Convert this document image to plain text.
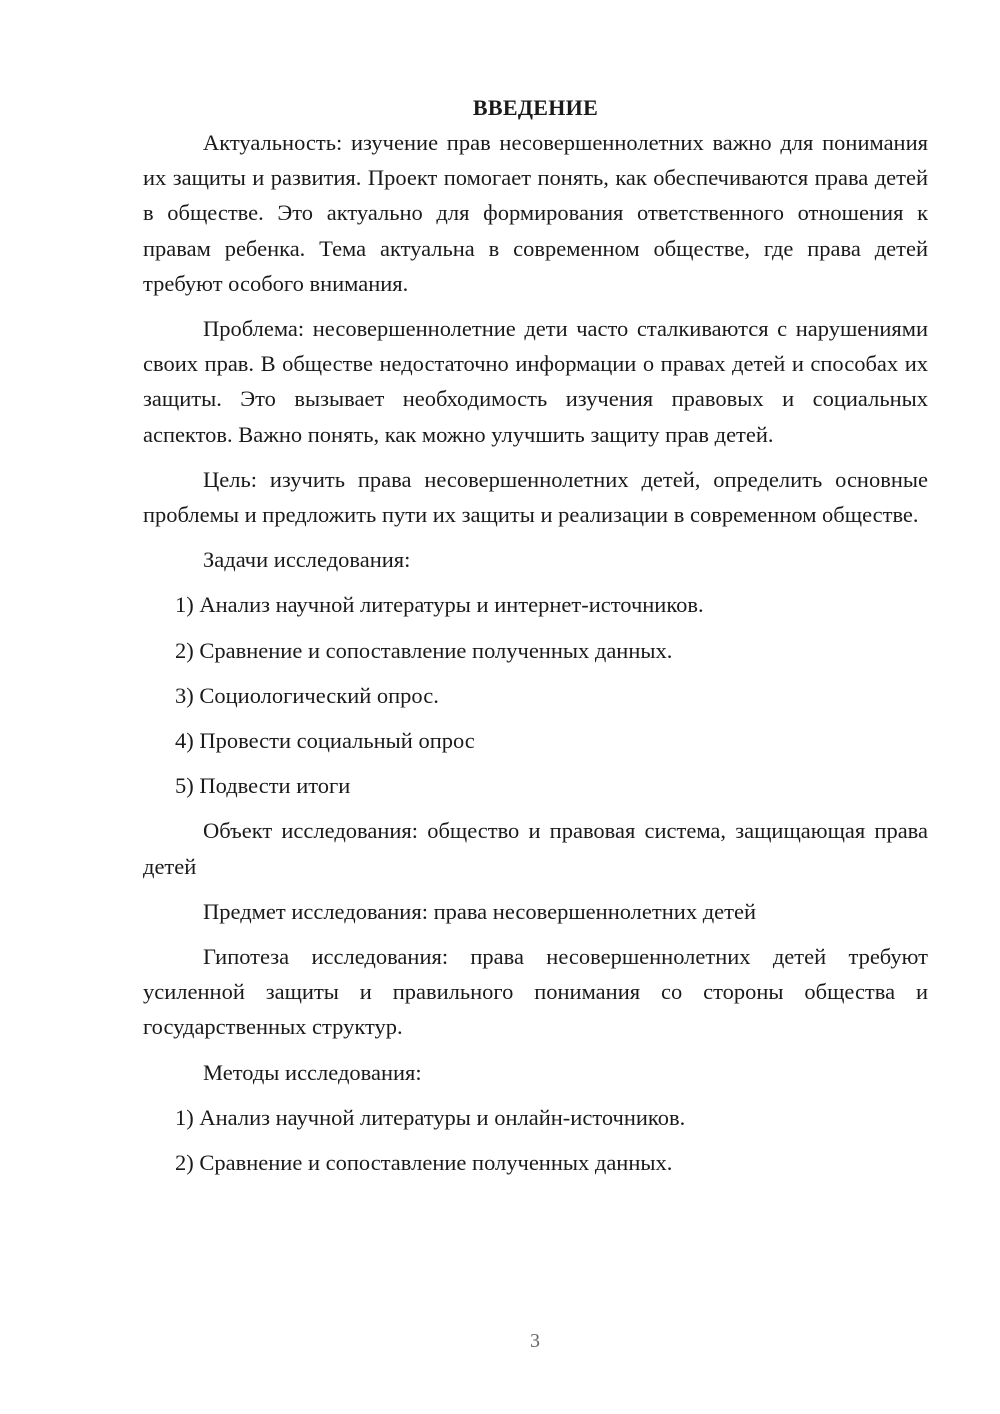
ВВЕДЕНИЕ

Актуальность: изучение прав несовершеннолетних важно для понимания их защиты и развития. Проект помогает понять, как обеспечиваются права детей в обществе. Это актуально для формирования ответственного отношения к правам ребенка. Тема актуальна в современном обществе, где права детей требуют особого внимания.

Проблема: несовершеннолетние дети часто сталкиваются с нарушениями своих прав. В обществе недостаточно информации о правах детей и способах их защиты. Это вызывает необходимость изучения правовых и социальных аспектов. Важно понять, как можно улучшить защиту прав детей.

Цель: изучить права несовершеннолетних детей, определить основные проблемы и предложить пути их защиты и реализации в современном обществе.

Задачи исследования:

1) Анализ научной литературы и интернет-источников.
2) Сравнение и сопоставление полученных данных.
3) Социологический опрос.
4) Провести социальный опрос
5) Подвести итоги

Объект исследования: общество и правовая система, защищающая права детей

Предмет исследования: права несовершеннолетних детей

Гипотеза исследования: права несовершеннолетних детей требуют усиленной защиты и правильного понимания со стороны общества и государственных структур.

Методы исследования:

1) Анализ научной литературы и онлайн-источников.
2) Сравнение и сопоставление полученных данных.
3
